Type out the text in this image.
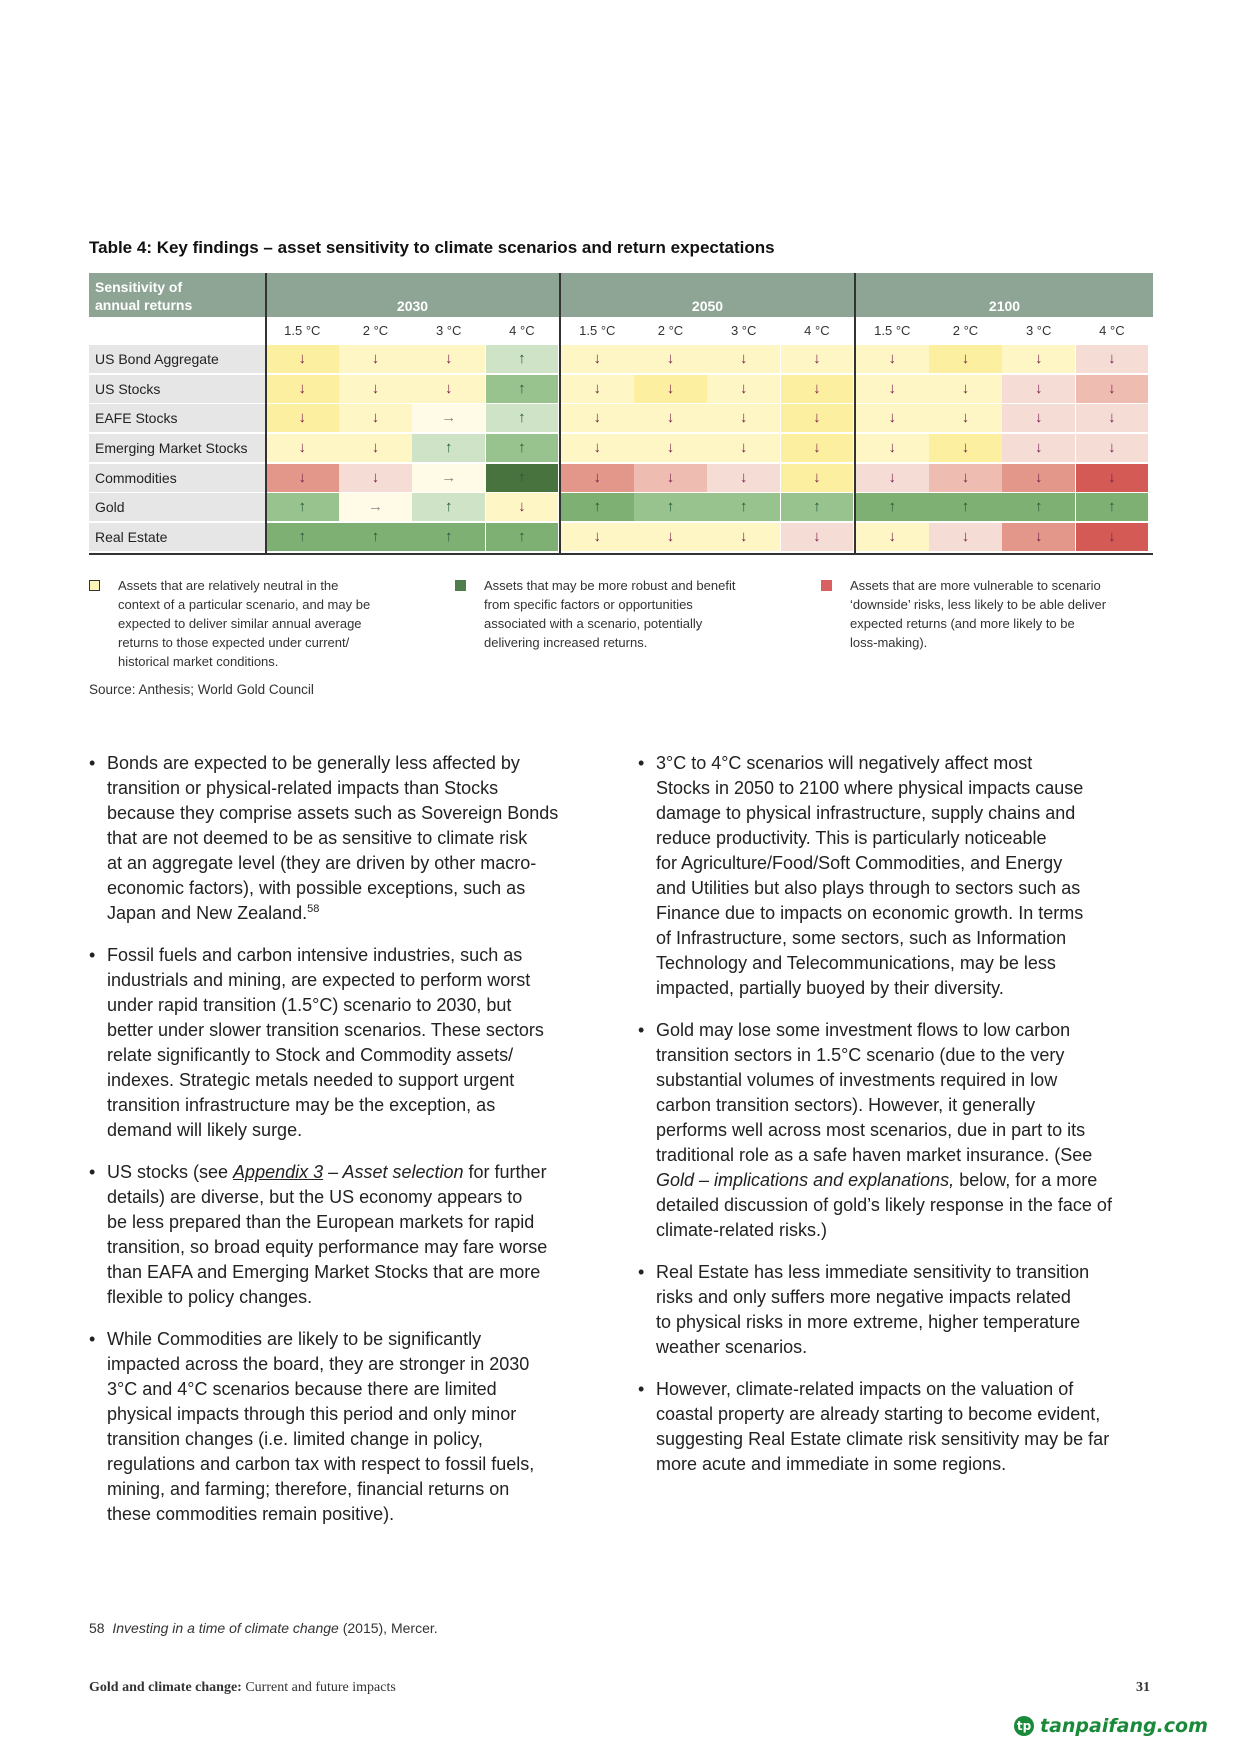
Table 4: Key findings – asset sensitivity to climate scenarios and return expectations
Sensitivity of
annual returns	2030	2050	2100
1.5 °C	2 °C	3 °C	4 °C	1.5 °C	2 °C	3 °C	4 °C	1.5 °C	2 °C	3 °C	4 °C
US Bond Aggregate	↓	↓	↓	↑	↓	↓	↓	↓	↓	↓	↓	↓
US Stocks	↓	↓	↓	↑	↓	↓	↓	↓	↓	↓	↓	↓
EAFE Stocks	↓	↓	→	↑	↓	↓	↓	↓	↓	↓	↓	↓
Emerging Market Stocks	↓	↓	↑	↑	↓	↓	↓	↓	↓	↓	↓	↓
Commodities	↓	↓	→	↑	↓	↓	↓	↓	↓	↓	↓	↓
Gold	↑	→	↑	↓	↑	↑	↑	↑	↑	↑	↑	↑
Real Estate	↑	↑	↑	↑	↓	↓	↓	↓	↓	↓	↓	↓
Assets that are relatively neutral in the
context of a particular scenario, and may be
expected to deliver similar annual average
returns to those expected under current/
historical market conditions.
Assets that may be more robust and benefit
from specific factors or opportunities
associated with a scenario, potentially
delivering increased returns.
Assets that are more vulnerable to scenario
‘downside’ risks, less likely to be able deliver
expected returns (and more likely to be
loss-making).
Source: Anthesis; World Gold Council
• Bonds are expected to be generally less affected by
transition or physical-related impacts than Stocks
because they comprise assets such as Sovereign Bonds
that are not deemed to be as sensitive to climate risk
at an aggregate level (they are driven by other macro-
economic factors), with possible exceptions, such as
Japan and New Zealand.$^{58}$
• Fossil fuels and carbon intensive industries, such as
industrials and mining, are expected to perform worst
under rapid transition (1.5°C) scenario to 2030, but
better under slower transition scenarios. These sectors
relate significantly to Stock and Commodity assets/
indexes. Strategic metals needed to support urgent
transition infrastructure may be the exception, as
demand will likely surge.
• US stocks (see Appendix 3 – Asset selection for further
details) are diverse, but the US economy appears to
be less prepared than the European markets for rapid
transition, so broad equity performance may fare worse
than EAFA and Emerging Market Stocks that are more
flexible to policy changes.
• While Commodities are likely to be significantly
impacted across the board, they are stronger in 2030
3°C and 4°C scenarios because there are limited
physical impacts through this period and only minor
transition changes (i.e. limited change in policy,
regulations and carbon tax with respect to fossil fuels,
mining, and farming; therefore, financial returns on
these commodities remain positive).
• 3°C to 4°C scenarios will negatively affect most
Stocks in 2050 to 2100 where physical impacts cause
damage to physical infrastructure, supply chains and
reduce productivity. This is particularly noticeable
for Agriculture/Food/Soft Commodities, and Energy
and Utilities but also plays through to sectors such as
Finance due to impacts on economic growth. In terms
of Infrastructure, some sectors, such as Information
Technology and Telecommunications, may be less
impacted, partially buoyed by their diversity.
• Gold may lose some investment flows to low carbon
transition sectors in 1.5°C scenario (due to the very
substantial volumes of investments required in low
carbon transition sectors). However, it generally
performs well across most scenarios, due in part to its
traditional role as a safe haven market insurance. (See
Gold – implications and explanations, below, for a more
detailed discussion of gold’s likely response in the face of
climate-related risks.)
• Real Estate has less immediate sensitivity to transition
risks and only suffers more negative impacts related
to physical risks in more extreme, higher temperature
weather scenarios.
• However, climate-related impacts on the valuation of
coastal property are already starting to become evident,
suggesting Real Estate climate risk sensitivity may be far
more acute and immediate in some regions.
58 Investing in a time of climate change (2015), Mercer.
Gold and climate change: Current and future impacts	31
tp tanpaifang.com
